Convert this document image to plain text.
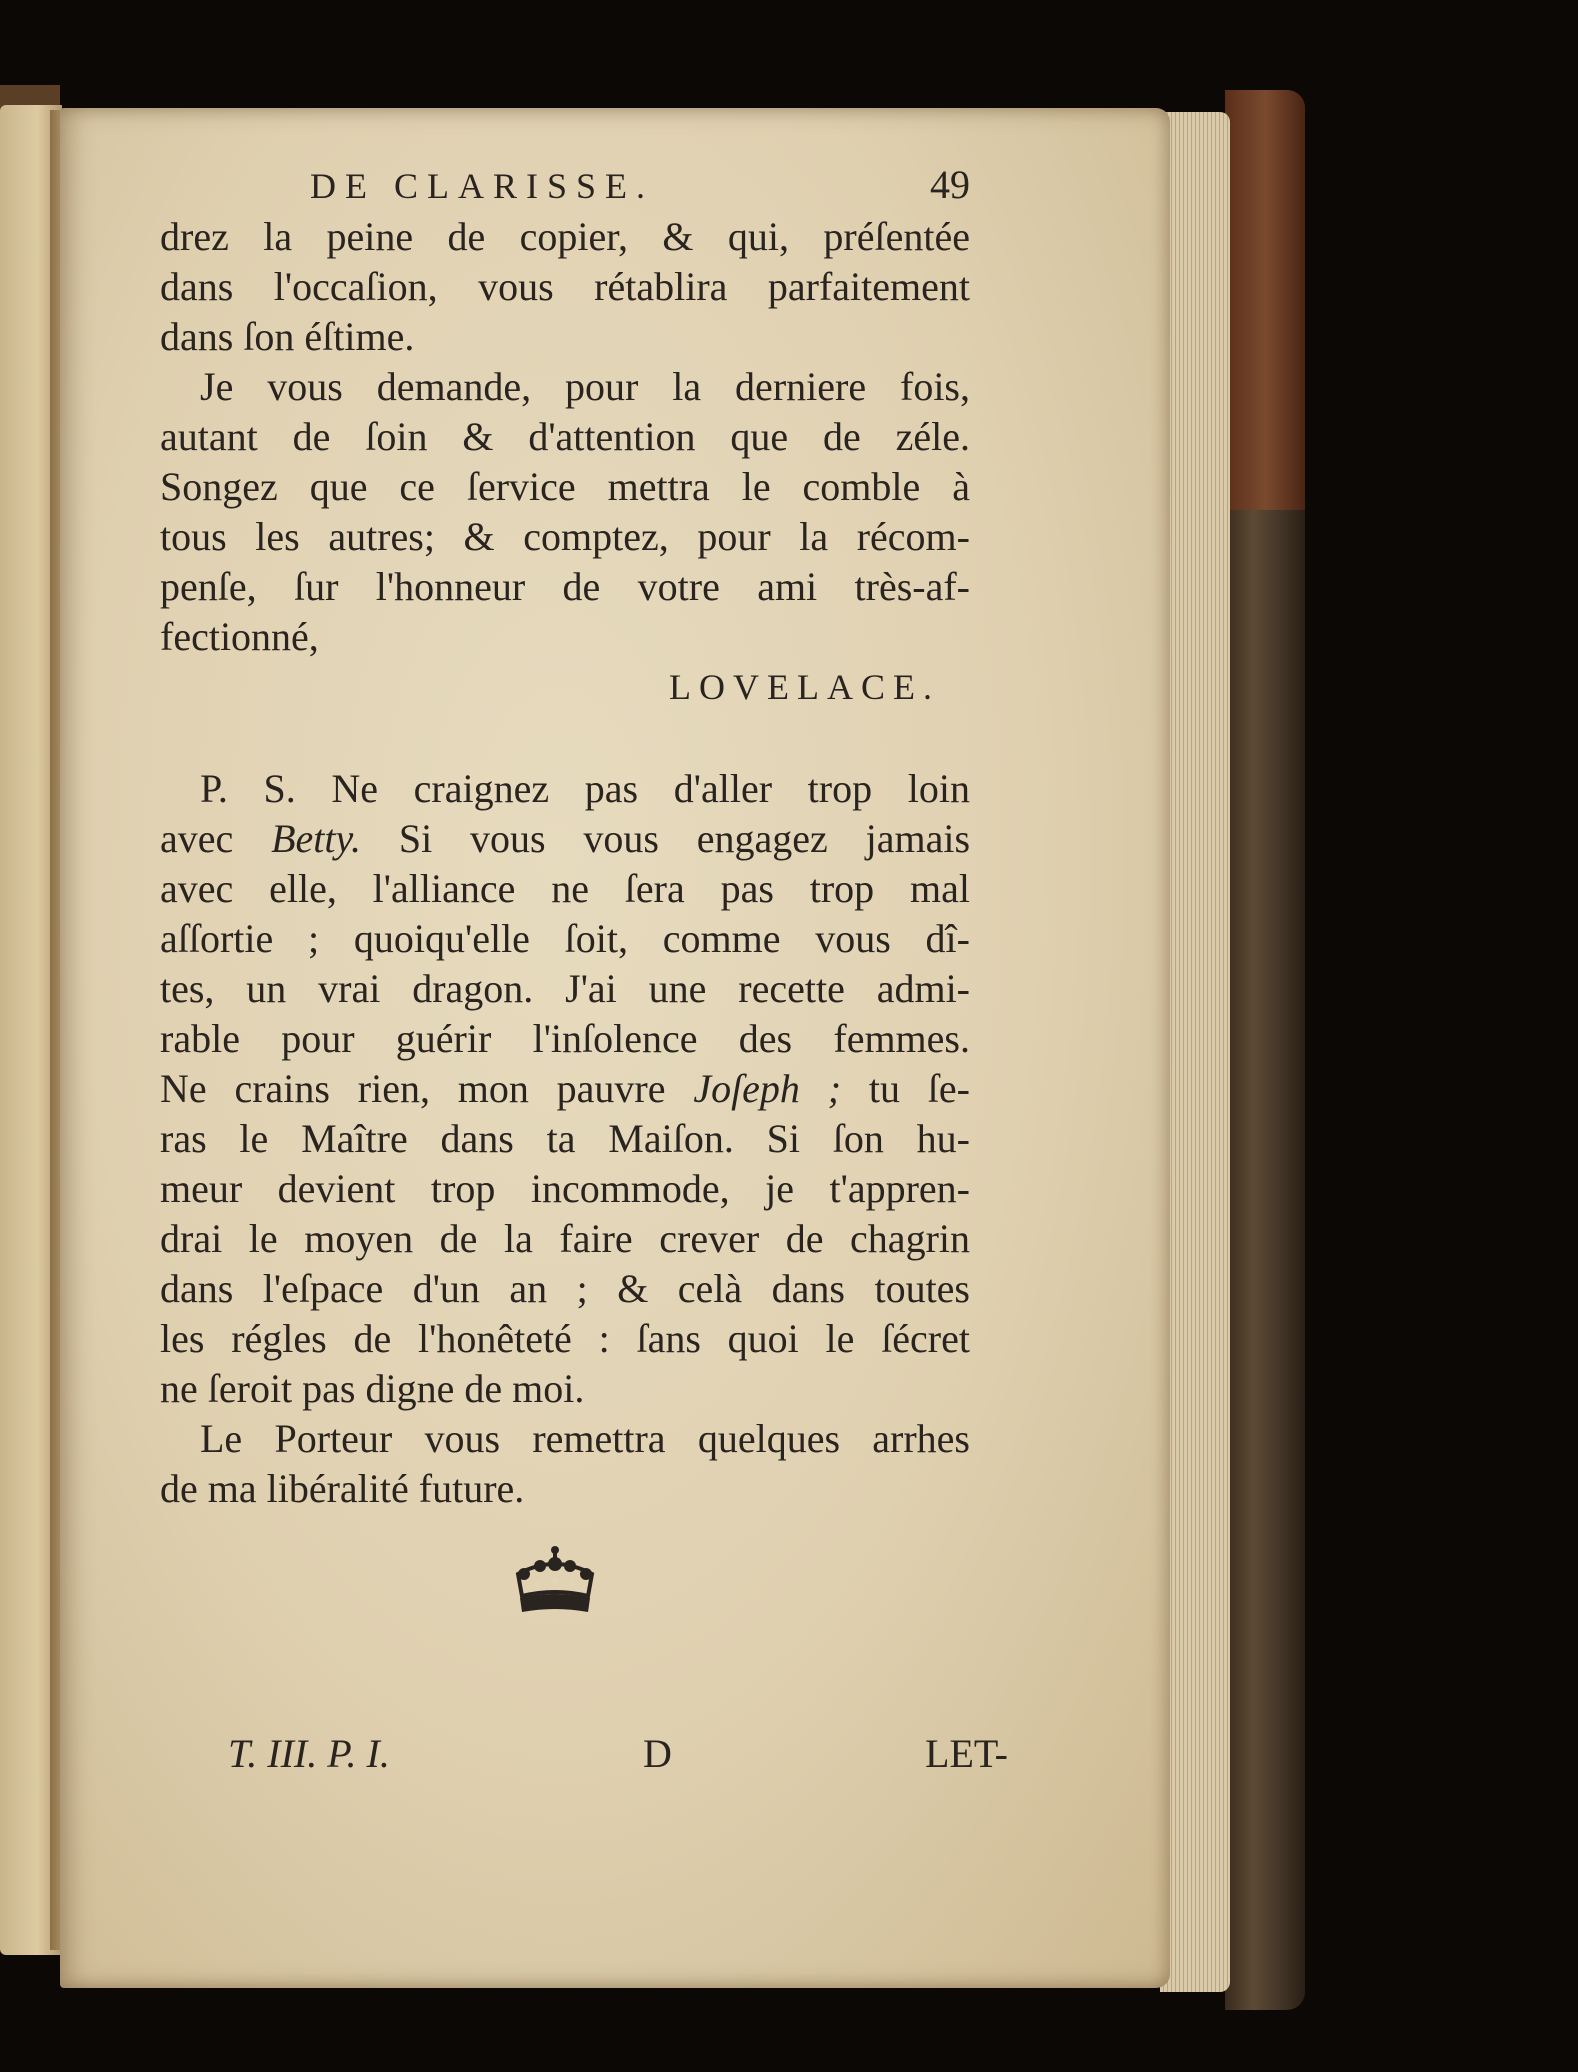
DE CLARISSE.	49
drez la peine de copier, & qui, préſentée
dans l'occaſion, vous rétablira parfaitement
dans ſon éſtime.
Je vous demande, pour la derniere fois,
autant de ſoin & d'attention que de zéle.
Songez que ce ſervice mettra le comble à
tous les autres; & comptez, pour la récom-
penſe, ſur l'honneur de votre ami très-af-
fectionné,
LOVELACE.
P. S. Ne craignez pas d'aller trop loin
avec Betty. Si vous vous engagez jamais
avec elle, l'alliance ne ſera pas trop mal
aſſortie ; quoiqu'elle ſoit, comme vous dî-
tes, un vrai dragon. J'ai une recette admi-
rable pour guérir l'inſolence des femmes.
Ne crains rien, mon pauvre Joſeph ; tu ſe-
ras le Maître dans ta Maiſon. Si ſon hu-
meur devient trop incommode, je t'appren-
drai le moyen de la faire crever de chagrin
dans l'eſpace d'un an ; & celà dans toutes
les régles de l'honêteté : ſans quoi le ſécret
ne ſeroit pas digne de moi.
Le Porteur vous remettra quelques arrhes
de ma libéralité future.
T. III. P. I.	D	LET-
